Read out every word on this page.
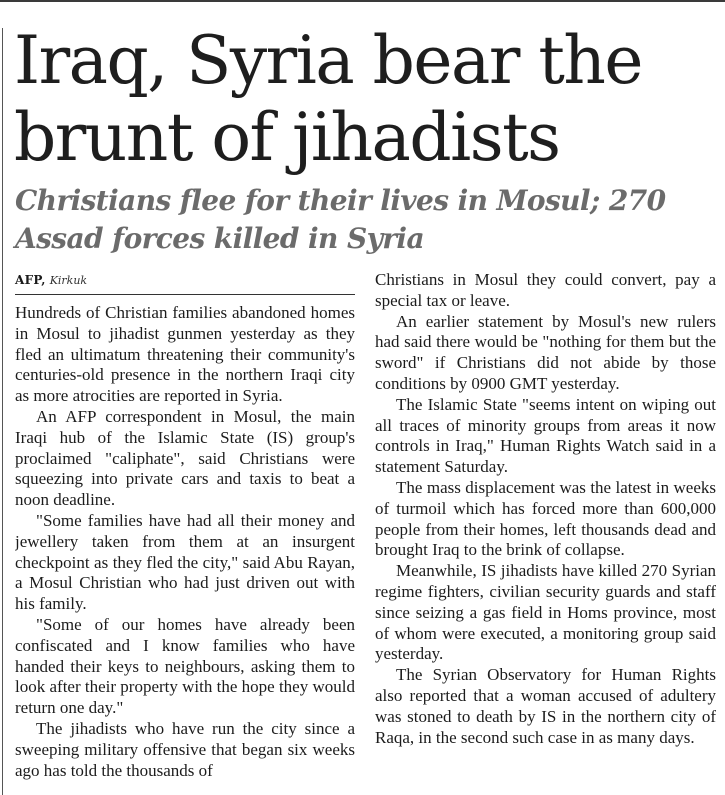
Iraq, Syria bear the brunt of jihadists
Christians flee for their lives in Mosul; 270 Assad forces killed in Syria
AFP, Kirkuk

Hundreds of Christian families abandoned homes in Mosul to jihadist gunmen yesterday as they fled an ultimatum threatening their community's centuries-old presence in the northern Iraqi city as more atrocities are reported in Syria.

An AFP correspondent in Mosul, the main Iraqi hub of the Islamic State (IS) group's proclaimed "caliphate", said Christians were squeezing into private cars and taxis to beat a noon deadline.

"Some families have had all their money and jewellery taken from them at an insurgent checkpoint as they fled the city," said Abu Rayan, a Mosul Christian who had just driven out with his family.

"Some of our homes have already been confiscated and I know families who have handed their keys to neighbours, asking them to look after their property with the hope they would return one day."

The jihadists who have run the city since a sweeping military offensive that began six weeks ago has told the thousands of

Christians in Mosul they could convert, pay a special tax or leave.

An earlier statement by Mosul's new rulers had said there would be "nothing for them but the sword" if Christians did not abide by those conditions by 0900 GMT yesterday.

The Islamic State "seems intent on wiping out all traces of minority groups from areas it now controls in Iraq," Human Rights Watch said in a statement Saturday.

The mass displacement was the latest in weeks of turmoil which has forced more than 600,000 people from their homes, left thousands dead and brought Iraq to the brink of collapse.

Meanwhile, IS jihadists have killed 270 Syrian regime fighters, civilian security guards and staff since seizing a gas field in Homs province, most of whom were executed, a monitoring group said yesterday.

The Syrian Observatory for Human Rights also reported that a woman accused of adultery was stoned to death by IS in the northern city of Raqa, in the second such case in as many days.
